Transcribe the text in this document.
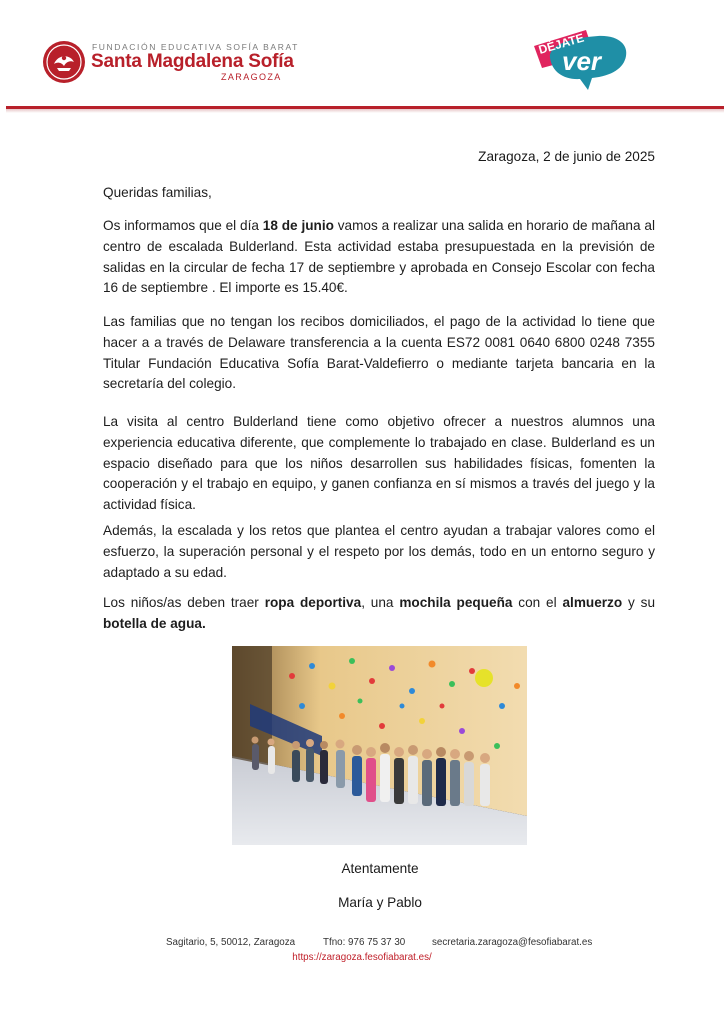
FUNDACIÓN EDUCATIVA SOFÍA BARAT
Santa Magdalena Sofía
ZARAGOZA
DÉJATE
ver
Zaragoza, 2 de junio de 2025
Queridas familias,
Os informamos que el día 18 de junio vamos a realizar una salida en horario de mañana al centro de escalada Bulderland. Esta actividad estaba presupuestada en la previsión de salidas en la circular de fecha 17 de septiembre y aprobada en Consejo Escolar con fecha 16 de septiembre . El importe es 15.40€.
Las familias que no tengan los recibos domiciliados, el pago de la actividad lo tiene que hacer a a través de Delaware transferencia a la cuenta ES72 0081 0640 6800 0248 7355 Titular Fundación Educativa Sofía Barat-Valdefierro o mediante tarjeta bancaria en la secretaría del colegio.
La visita al centro Bulderland tiene como objetivo ofrecer a nuestros alumnos una experiencia educativa diferente, que complemente lo trabajado en clase. Bulderland es un espacio diseñado para que los niños desarrollen sus habilidades físicas, fomenten la cooperación y el trabajo en equipo, y ganen confianza en sí mismos a través del juego y la actividad física.
Además, la escalada y los retos que plantea el centro ayudan a trabajar valores como el esfuerzo, la superación personal y el respeto por los demás, todo en un entorno seguro y adaptado a su edad.
Los niños/as deben traer ropa deportiva, una mochila pequeña con el almuerzo y su botella de agua.
Atentamente
María y Pablo
Sagitario, 5, 50012, Zaragoza	Tfno: 976 75 37 30	secretaria.zaragoza@fesofiabarat.es
https://zaragoza.fesofiabarat.es/
